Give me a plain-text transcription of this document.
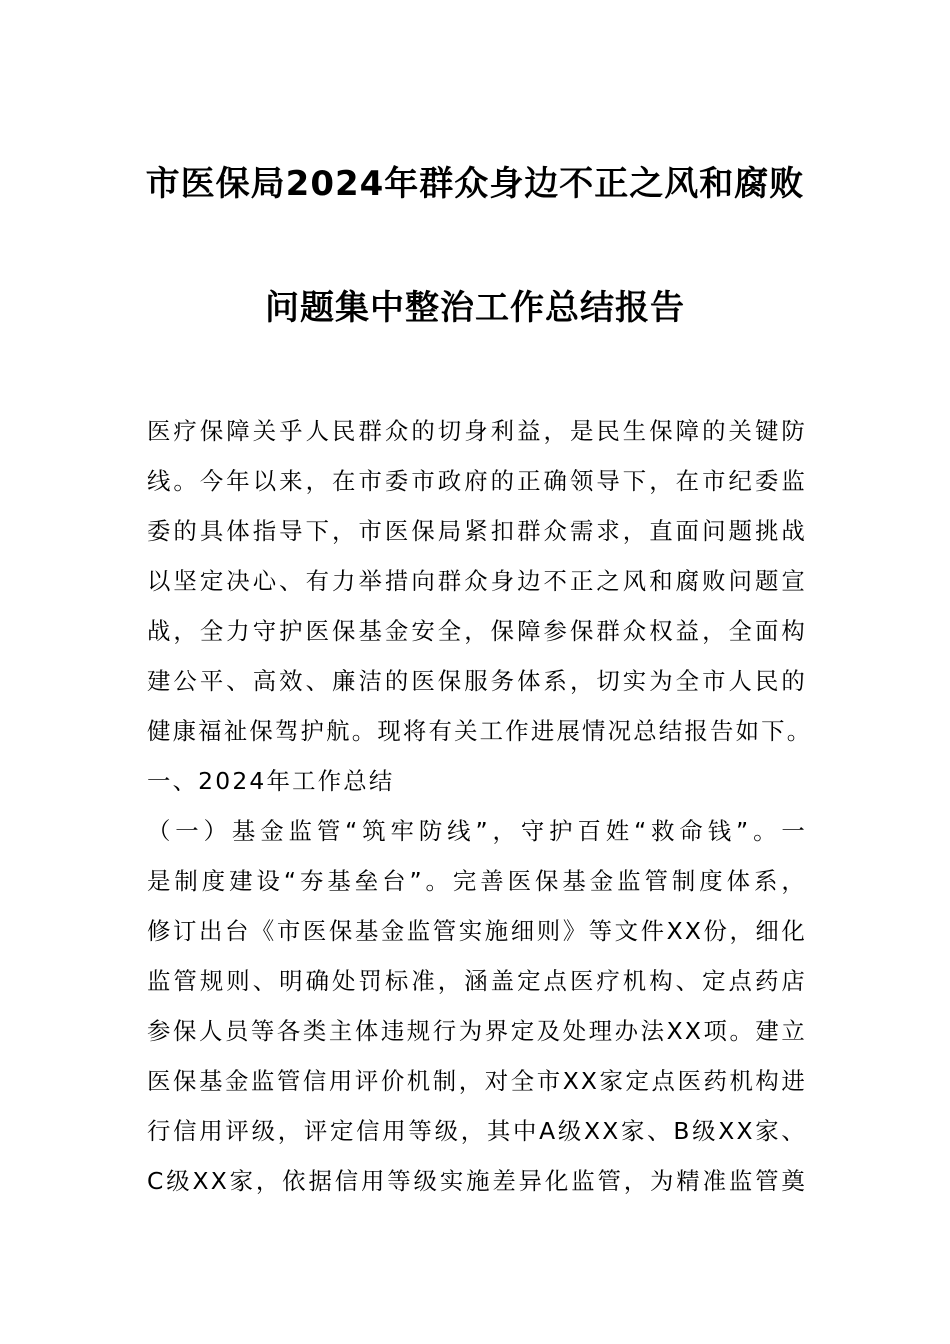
市医保局2024年群众身边不正之风和腐败
问题集中整治工作总结报告
医疗保障关乎人民群众的切身利益，是民生保障的关键防
线。今年以来，在市委市政府的正确领导下，在市纪委监
委的具体指导下，市医保局紧扣群众需求，直面问题挑战
以坚定决心、有力举措向群众身边不正之风和腐败问题宣
战，全力守护医保基金安全，保障参保群众权益，全面构
建公平、高效、廉洁的医保服务体系，切实为全市人民的
健康福祉保驾护航。现将有关工作进展情况总结报告如下。
一、2024年工作总结
（一）基金监管“筑牢防线”，守护百姓“救命钱”。一
是制度建设“夯基垒台”。完善医保基金监管制度体系，
修订出台《市医保基金监管实施细则》等文件XX份，细化
监管规则、明确处罚标准，涵盖定点医疗机构、定点药店
参保人员等各类主体违规行为界定及处理办法XX项。建立
医保基金监管信用评价机制，对全市XX家定点医药机构进
行信用评级，评定信用等级，其中A级XX家、B级XX家、
C级XX家，依据信用等级实施差异化监管，为精准监管奠
